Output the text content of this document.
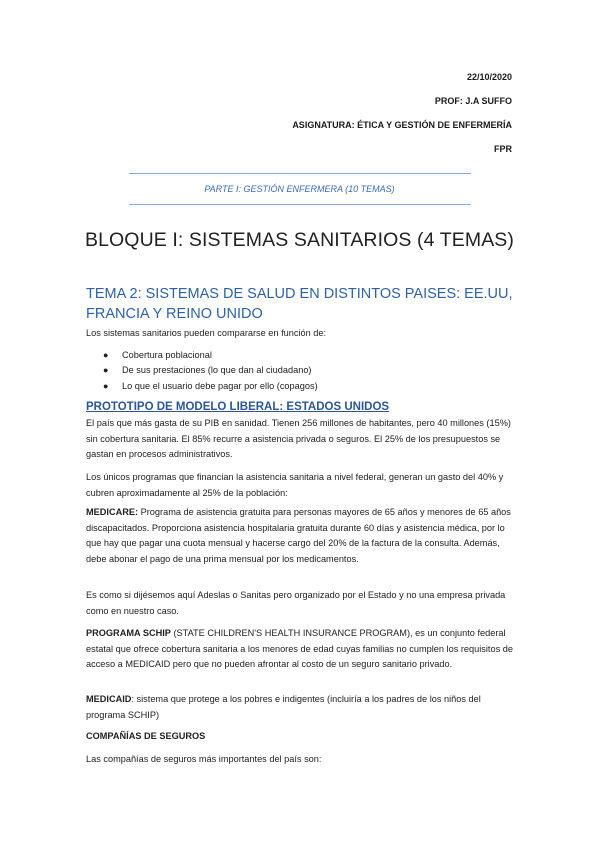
22/10/2020
PROF: J.A SUFFO
ASIGNATURA: ÉTICA Y GESTIÓN DE ENFERMERÍA
FPR
PARTE I: GESTIÓN ENFERMERA (10 TEMAS)
BLOQUE I: SISTEMAS SANITARIOS (4 TEMAS)
TEMA 2: SISTEMAS DE SALUD EN DISTINTOS PAISES: EE.UU, FRANCIA Y REINO UNIDO
Los sistemas sanitarios pueden compararse en función de:
● Cobertura poblacional
● De sus prestaciones (lo que dan al ciudadano)
● Lo que el usuario debe pagar por ello (copagos)
PROTOTIPO DE MODELO LIBERAL: ESTADOS UNIDOS
El país que más gasta de su PIB en sanidad. Tienen 256 millones de habitantes, pero 40 millones (15%) sin cobertura sanitaria. El 85% recurre a asistencia privada o seguros. El 25% de los presupuestos se gastan en procesos administrativos.
Los únicos programas que financian la asistencia sanitaria a nivel federal, generan un gasto del 40% y cubren aproximadamente al 25% de la población:
MEDICARE: Programa de asistencia gratuita para personas mayores de 65 años y menores de 65 años discapacitados. Proporciona asistencia hospitalaria gratuita durante 60 días y asistencia médica, por lo que hay que pagar una cuota mensual y hacerse cargo del 20% de la factura de la consulta. Además, debe abonar el pago de una prima mensual por los medicamentos.
Es como si dijésemos aquí Adeslas o Sanitas pero organizado por el Estado y no una empresa privada como en nuestro caso.
PROGRAMA SCHIP (STATE CHILDREN'S HEALTH INSURANCE PROGRAM), es un conjunto federal estatal que ofrece cobertura sanitaria a los menores de edad cuyas familias no cumplen los requisitos de acceso a MEDICAID pero que no pueden afrontar al costo de un seguro sanitario privado.
MEDICAID: sistema que protege a los pobres e indigentes (incluiría a los padres de los niños del programa SCHIP)
COMPAÑÍAS DE SEGUROS
Las compañías de seguros más importantes del país son:
